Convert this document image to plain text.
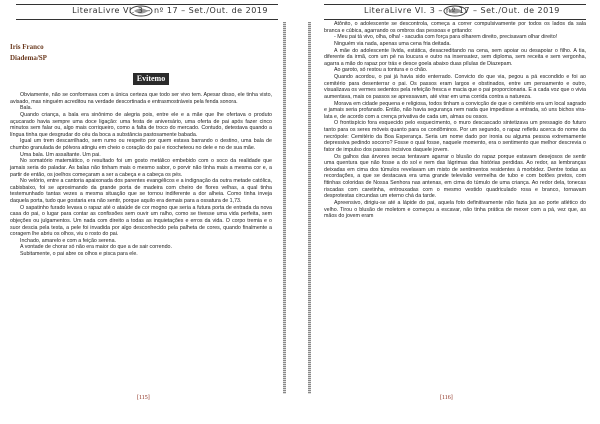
LiteraLivre Vl. 3 – nº 17 – Set./Out. de 2019
Iris Franco
Diadema/SP
Evitemo

Obviamente, não se conformava com a única certeza que todo ser vivo tem. Apesar disso, ele tinha visto, avisado, mas ninguém acreditou na verdade descortinada e entrasmostráveis pela fenda sonora.

Bala.

Quando criança, a bala era sinônimo de alegria pois, entre ele e a mãe que lhe ofertava o produto açucarado havia sempre uma doce ligação: uma festa de aniversário, uma oferta de pai após fazer cinco minutos sem falar ou, algo mais corriqueiro, como a falta de troco do mercado. Contudo, detestava quando a língua tinha que desgrudar do céu da boca a substância pastosamente babada.

Igual um trem descarrilhado, sem rumo ou respeito por quem estava barrando o destino, uma bala de chumbo granulada de pólvora atingiu em cheio o coração do pai e ricocheteou no dele e no de sua mãe.

Uma bala. Um assaltante. Um pai.

No somatório matemático, o resultado foi um gosto metálico embebido com o soco da realidade que jamais seria do paladar. As balas não tinham mais o mesmo sabor, o porvir não tinha mais a mesma cor e, a partir de então, os joelhos começaram a ser a cabeça e a cabeça os pés.

No velório, entre a cantoria apaixonada dos parentes evangélicos e a indignação da outra metade católica, cabisbaixo, foi se aproximando da grande porta de madeira com cheiro de flores velhas, a qual tinha testemunhado tantas vezes a mesma situação que se tornou indiferente a dor alheia. Como tinha inveja daquela porta, tudo que gostaria era não sentir, porque aquilo era demais para a ossatura de 1,73.

O sapatinho furado levava o rapaz até o ataúde de cor mogno que seria a futura porta de entrada da nova casa do pai, o lugar para contar as confissões sem ouvir um ralho, como se tivesse uma vida perfeita, sem objeções ou julgamentos. Um nada com direito a todas as inquietações e erros da vida. O corpo tremia e o suor descia pela testa, a pele foi invadida por algo desconhecido pela palheta de cores, quando finalmente a coragem lhe abriu os olhos, viu o rosto do pai.

Inchado, amarelo e com a feição serena.

A vontade de chorar só não era maior do que a de sair correndo.

Subitamente, o pai abre os olhos e pisca para ele.

[115]
LiteraLivre Vl. 3 – nº 17 – Set./Out. de 2019

Atônito, o adolescente se descontrola, começa a correr compulsivamente por todos os lados da sala branca e cúbica, agarrando os ombros das pessoas e gritando:

- Meu pai tá vivo, olha, olha! - sacudia com força para olharem direito, precisavam olhar direito!

Ninguém via nada, apenas uma cena fria deitada.

A mãe do adolescente lívida, estática, desacreditando na cena, sem apoiar ou desapoiar o filho. A tia, diferente da irmã, com um pé na loucura e outro na insensatez, sem diploma, sem receita e sem vergonha, agarra a mão do rapaz por trás e desce goela abaixo duas pílulas de Diazepam.

Ao garoto, só restou a tontura e o chão.

Quando acordou, o pai já havia sido enterrado. Convicto do que via, pegou a pá escondido e foi ao cemitério para desenterrar o pai. Os passos eram largos e obstinados, entre um pensamento e outro, visualizava os vermes sedentos pela refeição fresca e macia que o pai proporcionaria. E a cada voz que o vivia aumentava, mais os passos se apressavam, até virar em uma corrida contra a natureza.

Morava em cidade pequena e religiosa, todos tinham a convicção de que o cemitério era um local sagrado e jamais seria profanado. Então, não havia segurança nem nada que impedisse a entrada, só uns bichos vira-lata e, de acordo com a crença privativa de cada um, almas ou ossos.

O frontispício fora esquecido pelo esquecimento, o muro descascado sintetizava um pressagio do futuro tanto para os seres móveis quanto para os condôminos. Por um segundo, o rapaz refletiu acerca do nome da necrópole: Cemitério da Boa Esperança. Seria um nome dado por ironia ou alguma pessoa extremamente depressiva pedindo socorro? Fosse o qual fosse, naquele momento, era o sentimento que melhor descrevia o fator de impulso dos passos incisivos daquele jovem.

Os galhos das árvores secas tentavam agarrar o blusão do rapaz porque estavam desejosos de sentir uma quentura que não fosse a do sol e nem das lágrimas das histórias perdidas. Ao redor, as lembranças deixadas em cima dos túmulos revelavam um misto de sentimentos residentes à morbidez. Dentre todas as recordações, a que se destacava era uma grande televisão vermelha de tubo e com botões pretos, com fitinhas coloridas de Nossa Senhora nas antenas, em cima do túmulo de uma criança. Ao redor dela, tonecas riscadas com caretinha, entrouxadas com o mesmo vestido quadriculado rosa e branco, tornavam desprotestas circundas um eterno chá da tarde.

Apreensivo, dirigiu-se até a lápide do pai, aquela foto definitivamente não fazia jus ao porte atlético do velho. Tirou o blusão de moletom e começou a escavar, não tinha prática de mexer com a pá, vez que, as mãos do jovem eram

[116]
